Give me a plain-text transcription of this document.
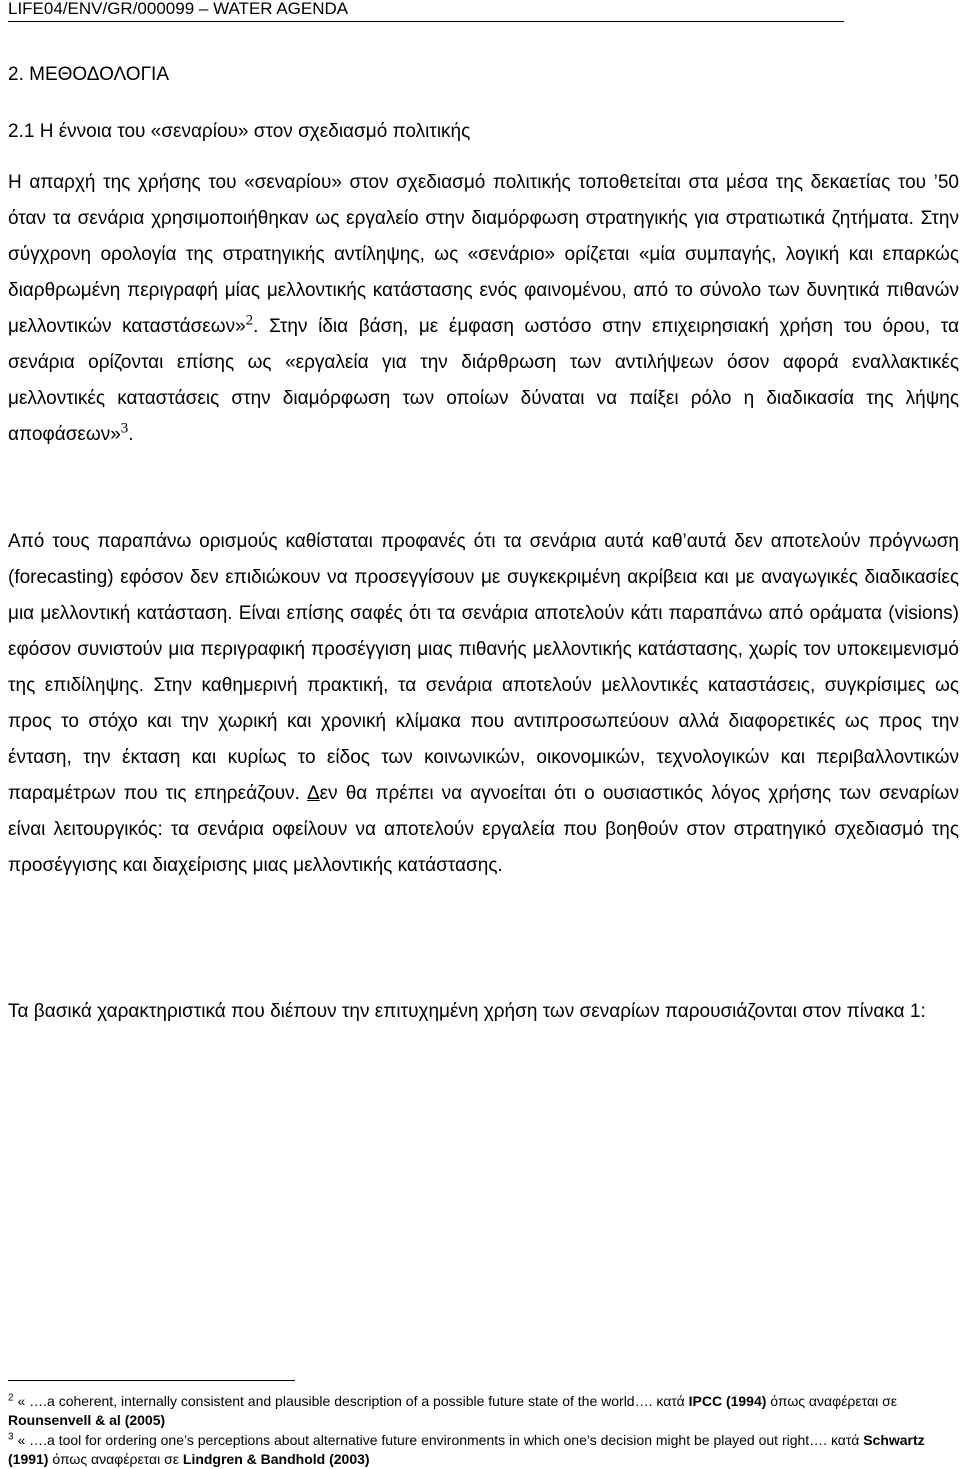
LIFE04/ENV/GR/000099 – WATER AGENDA
2. ΜΕΘΟΔΟΛΟΓΙΑ
2.1 Η έννοια του «σεναρίου» στον σχεδιασμό πολιτικής

Η απαρχή της χρήσης του «σεναρίου» στον σχεδιασμό πολιτικής τοποθετείται στα μέσα της δεκαετίας του ’50 όταν τα σενάρια χρησιμοποιήθηκαν ως εργαλείο στην διαμόρφωση στρατηγικής για στρατιωτικά ζητήματα. Στην σύγχρονη ορολογία της στρατηγικής αντίληψης, ως «σενάριο» ορίζεται «μία συμπαγής, λογική και επαρκώς διαρθρωμένη περιγραφή μίας μελλοντικής κατάστασης ενός φαινομένου, από το σύνολο των δυνητικά πιθανών μελλοντικών καταστάσεων»$^2$. Στην ίδια βάση, με έμφαση ωστόσο στην επιχειρησιακή χρήση του όρου, τα σενάρια ορίζονται επίσης ως «εργαλεία για την διάρθρωση των αντιλήψεων όσον αφορά εναλλακτικές μελλοντικές καταστάσεις στην διαμόρφωση των οποίων δύναται να παίξει ρόλο η διαδικασία της λήψης αποφάσεων»$^3$.

Από τους παραπάνω ορισμούς καθίσταται προφανές ότι τα σενάρια αυτά καθ’αυτά δεν αποτελούν πρόγνωση (forecasting) εφόσον δεν επιδιώκουν να προσεγγίσουν με συγκεκριμένη ακρίβεια και με αναγωγικές διαδικασίες μια μελλοντική κατάσταση. Είναι επίσης σαφές ότι τα σενάρια αποτελούν κάτι παραπάνω από οράματα (visions) εφόσον συνιστούν μια περιγραφική προσέγγιση μιας πιθανής μελλοντικής κατάστασης, χωρίς τον υποκειμενισμό της επιδίληψης. Στην καθημερινή πρακτική, τα σενάρια αποτελούν μελλοντικές καταστάσεις, συγκρίσιμες ως προς το στόχο και την χωρική και χρονική κλίμακα που αντιπροσωπεύουν αλλά διαφορετικές ως προς την ένταση, την έκταση και κυρίως το είδος των κοινωνικών, οικονομικών, τεχνολογικών και περιβαλλοντικών παραμέτρων που τις επηρεάζουν. Δεν θα πρέπει να αγνοείται ότι ο ουσιαστικός λόγος χρήσης των σεναρίων είναι λειτουργικός: τα σενάρια οφείλουν να αποτελούν εργαλεία που βοηθούν στον στρατηγικό σχεδιασμό της προσέγγισης και διαχείρισης μιας μελλοντικής κατάστασης.

Τα βασικά χαρακτηριστικά που διέπουν την επιτυχημένη χρήση των σεναρίων παρουσιάζονται στον πίνακα 1:

$^2$ « ….a coherent, internally consistent and plausible description of a possible future state of the world…. κατά IPCC (1994) όπως αναφέρεται σε Rounsenvell & al (2005)

$^3$ « ….a tool for ordering one’s perceptions about alternative future environments in which one’s decision might be played out right…. κατά Schwartz (1991) όπως αναφέρεται σε Lindgren & Bandhold (2003)
